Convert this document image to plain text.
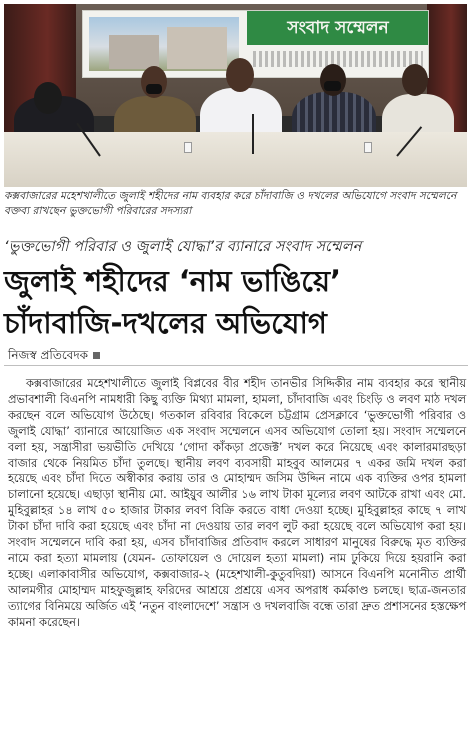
সংবাদ সম্মেলন
কক্সবাজারের মহেশখালীতে জুলাই শহীদের নাম ব্যবহার করে চাঁদাবাজি ও দখলের অভিযোগে সংবাদ সম্মেলনে বক্তব্য রাখছেন ভুক্তভোগী পরিবারের সদস্যরা
‘ভুক্তভোগী পরিবার ও জুলাই যোদ্ধা’র ব্যানারে সংবাদ সম্মেলন
জুলাই শহীদের ‘নাম ভাঙিয়ে’
চাঁদাবাজি-দখলের অভিযোগ
নিজস্ব প্রতিবেদক

কক্সবাজারের মহেশখালীতে জুলাই বিপ্লবের বীর শহীদ তানভীর সিদ্দিকীর নাম ব্যবহার করে স্থানীয় প্রভাবশালী বিএনপি নামধারী কিছু ব্যক্তি মিথ্যা মামলা, হামলা, চাঁদাবাজি এবং চিংড়ি ও লবণ মাঠ দখল করছেন বলে অভিযোগ উঠেছে। গতকাল রবিবার বিকেলে চট্টগ্রাম প্রেসক্লাবে ‘ভুক্তভোগী পরিবার ও জুলাই যোদ্ধা’ ব্যানারে আয়োজিত এক সংবাদ সম্মেলনে এসব অভিযোগ তোলা হয়। সংবাদ সম্মেলনে বলা হয়, সন্ত্রাসীরা ভয়ভীতি দেখিয়ে ‘গোদা কাঁকড়া প্রজেক্ট’ দখল করে নিয়েছে এবং কালারমারছড়া বাজার থেকে নিয়মিত চাঁদা তুলছে। স্থানীয় লবণ ব্যবসায়ী মাহবুব আলমের ৭ একর জমি দখল করা হয়েছে এবং চাঁদা দিতে অস্বীকার করায় তার ও মোহাম্মদ জসিম উদ্দিন নামে এক ব্যক্তির ওপর হামলা চালানো হয়েছে। এছাড়া স্থানীয় মো. আইয়ুব আলীর ১৬ লাখ টাকা মূল্যের লবণ আটকে রাখা এবং মো. মুহিবুল্লাহর ১৪ লাখ ৫০ হাজার টাকার লবণ বিক্রি করতে বাধা দেওয়া হচ্ছে। মুহিবুল্লাহর কাছে ৭ লাখ টাকা চাঁদা দাবি করা হয়েছে এবং চাঁদা না দেওয়ায় তার লবণ লুট করা হয়েছে বলে অভিযোগ করা হয়। সংবাদ সম্মেলনে দাবি করা হয়, এসব চাঁদাবাজির প্রতিবাদ করলে সাধারণ মানুষের বিরুদ্ধে মৃত ব্যক্তির নামে করা হত্যা মামলায় (যেমন- তোফায়েল ও দোয়েল হত্যা মামলা) নাম ঢুকিয়ে দিয়ে হয়রানি করা হচ্ছে। এলাকাবাসীর অভিযোগ, কক্সবাজার-২ (মহেশখালী-কুতুবদিয়া) আসনে বিএনপি মনোনীত প্রার্থী আলমগীর মোহাম্মদ মাহফুজুল্লাহ ফরিদের আশ্রয়ে প্রশ্রয়ে এসব অপরাধ কর্মকাণ্ড চলছে। ছাত্র-জনতার ত্যাগের বিনিময়ে অর্জিত এই ‘নতুন বাংলাদেশে’ সন্ত্রাস ও দখলবাজি বন্ধে তারা দ্রুত প্রশাসনের হস্তক্ষেপ কামনা করেছেন।
